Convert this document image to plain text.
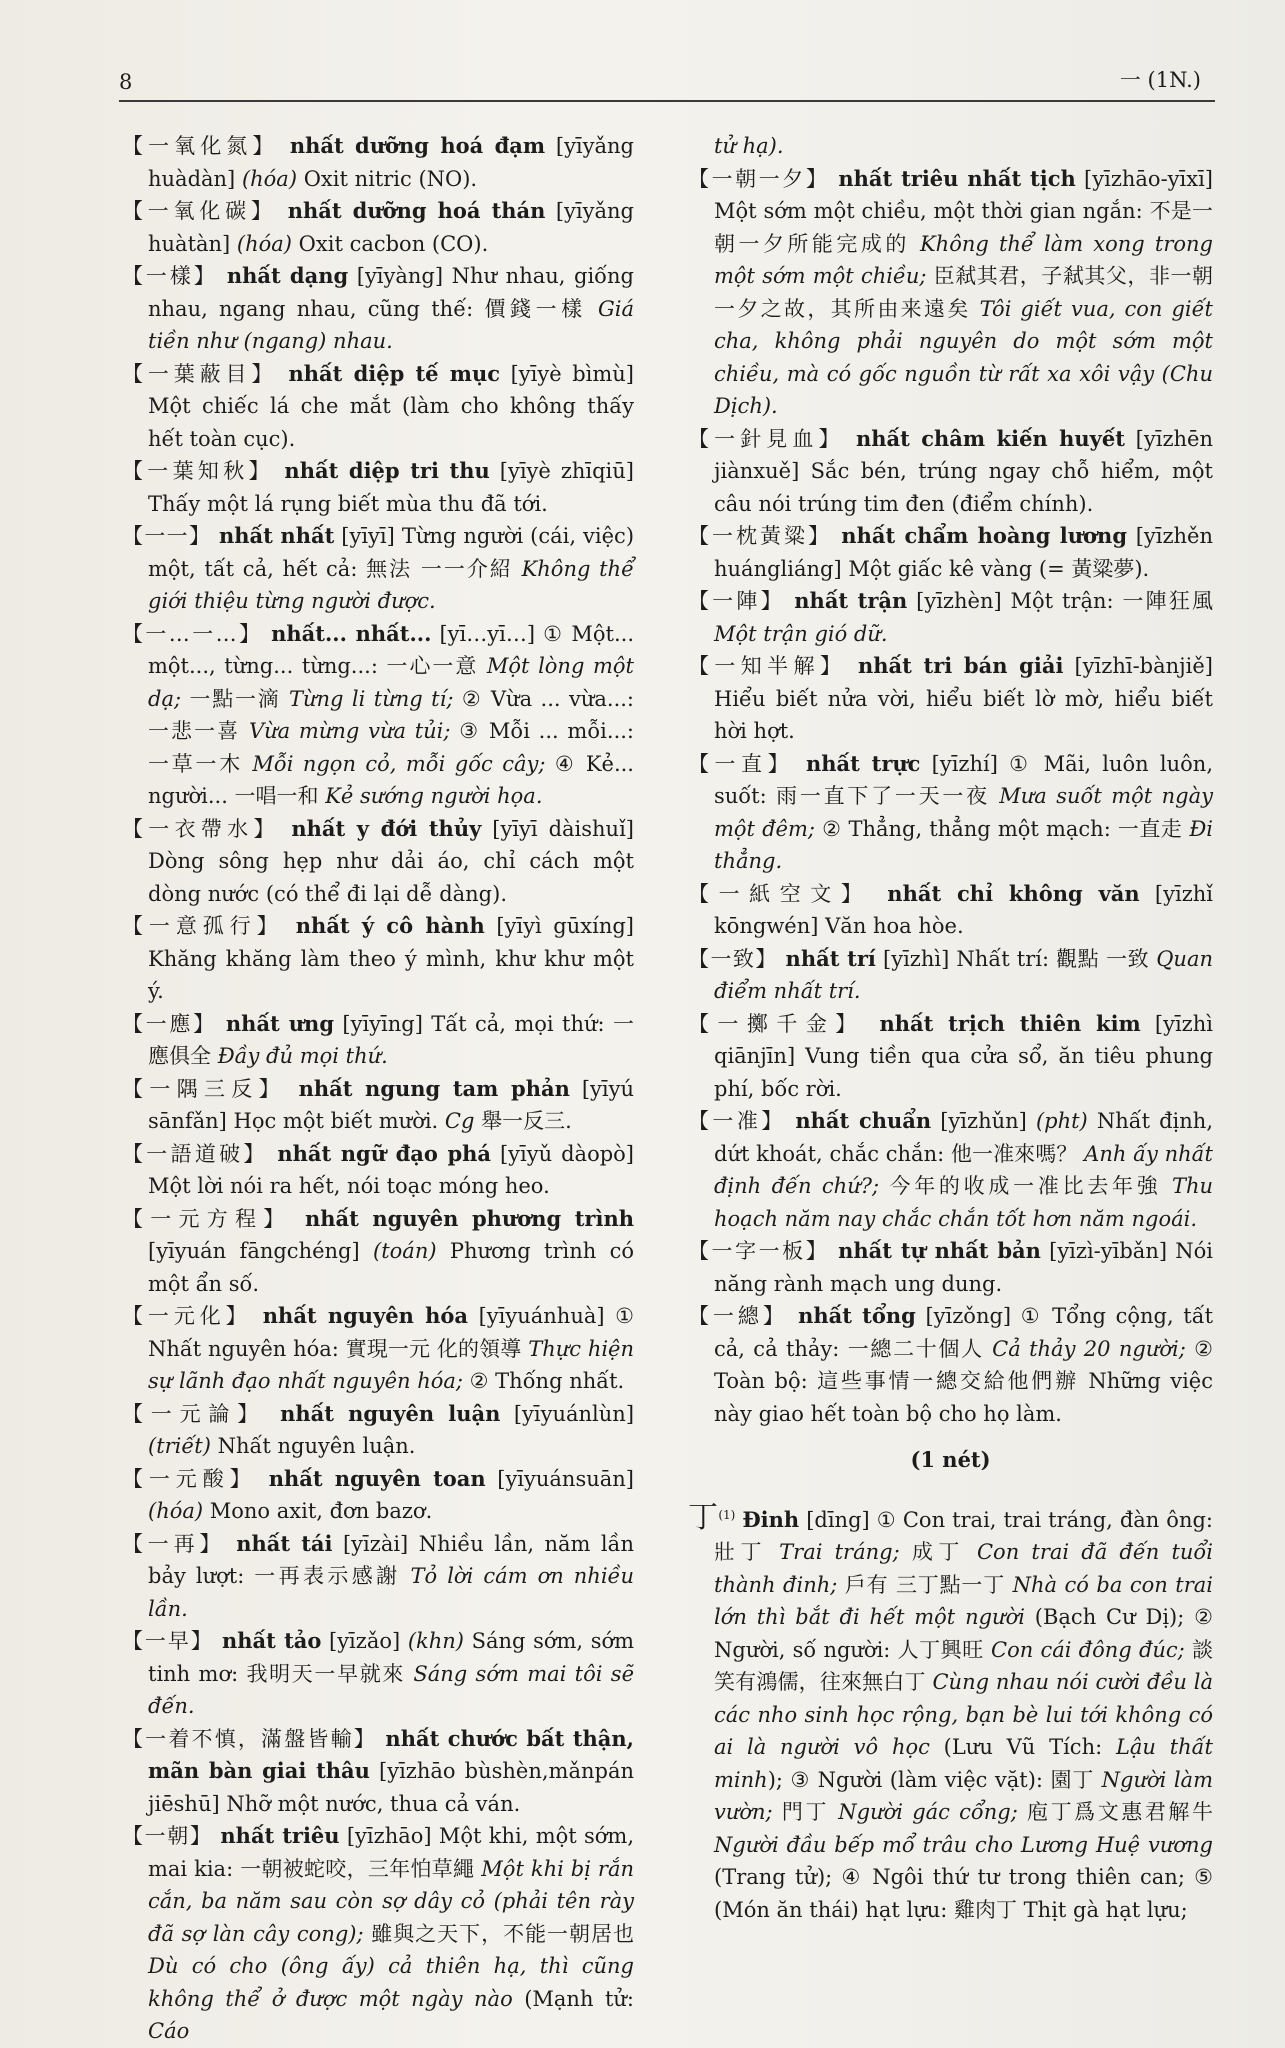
8	一 (1N.)

【一氧化氮】 nhất dưỡng hoá đạm [yīyǎng huàdàn] (hóa) Oxit nitric (NO).

【一氧化碳】 nhất dưỡng hoá thán [yīyǎng huàtàn] (hóa) Oxit cacbon (CO).

【一樣】 nhất dạng [yīyàng] Như nhau, giống nhau, ngang nhau, cũng thế: 價錢一樣 Giá tiền như (ngang) nhau.

【一葉蔽目】 nhất diệp tế mục [yīyè bìmù] Một chiếc lá che mắt (làm cho không thấy hết toàn cục).

【一葉知秋】 nhất diệp tri thu [yīyè zhīqiū] Thấy một lá rụng biết mùa thu đã tới.

【一一】 nhất nhất [yīyī] Từng người (cái, việc) một, tất cả, hết cả: 無法 一一介紹 Không thể giới thiệu từng người được.

【一…一…】 nhất... nhất... [yī…yī…] ① Một... một..., từng... từng...: 一心一意 Một lòng một dạ; 一點一滴 Từng li từng tí; ② Vừa ... vừa...: 一悲一喜 Vừa mừng vừa tủi; ③ Mỗi ... mỗi...: 一草一木 Mỗi ngọn cỏ, mỗi gốc cây; ④ Kẻ... người... 一唱一和 Kẻ sướng người họa.

【一衣帶水】 nhất y đới thủy [yīyī dàishuǐ] Dòng sông hẹp như dải áo, chỉ cách một dòng nước (có thể đi lại dễ dàng).

【一意孤行】 nhất ý cô hành [yīyì gūxíng] Khăng khăng làm theo ý mình, khư khư một ý.

【一應】 nhất ưng [yīyīng] Tất cả, mọi thứ: 一應俱全 Đầy đủ mọi thứ.

【一隅三反】 nhất ngung tam phản [yīyú sānfǎn] Học một biết mười. Cg 舉一反三.

【一語道破】 nhất ngữ đạo phá [yīyǔ dàopò] Một lời nói ra hết, nói toạc móng heo.

【一元方程】 nhất nguyên phương trình [yīyuán fāngchéng] (toán) Phương trình có một ẩn số.

【一元化】 nhất nguyên hóa [yīyuánhuà] ① Nhất nguyên hóa: 實現一元 化的領導 Thực hiện sự lãnh đạo nhất nguyên hóa; ② Thống nhất.

【一元論】 nhất nguyên luận [yīyuánlùn] (triết) Nhất nguyên luận.

【一元酸】 nhất nguyên toan [yīyuánsuān] (hóa) Mono axit, đơn bazơ.

【一再】 nhất tái [yīzài] Nhiều lần, năm lần bảy lượt: 一再表示感謝 Tỏ lời cám ơn nhiều lần.

【一早】 nhất tảo [yīzǎo] (khn) Sáng sớm, sớm tinh mơ: 我明天一早就來 Sáng sớm mai tôi sẽ đến.

【一着不慎，滿盤皆輸】 nhất chước bất thận, mãn bàn giai thâu [yīzhāo bùshèn,mǎnpán jiēshū] Nhỡ một nước, thua cả ván.

【一朝】 nhất triêu [yīzhāo] Một khi, một sớm, mai kia: 一朝被蛇咬，三年怕草繩 Một khi bị rắn cắn, ba năm sau còn sợ dây cỏ (phải tên rày đã sợ làn cây cong); 雖與之天下，不能一朝居也 Dù có cho (ông ấy) cả thiên hạ, thì cũng không thể ở được một ngày nào (Mạnh tử: Cáo

tử hạ).

【一朝一夕】 nhất triêu nhất tịch [yīzhāo-yīxī] Một sớm một chiều, một thời gian ngắn: 不是一朝一夕所能完成的 Không thể làm xong trong một sớm một chiều; 臣弒其君，子弒其父，非一朝一夕之故，其所由来遠矣 Tôi giết vua, con giết cha, không phải nguyên do một sớm một chiều, mà có gốc nguồn từ rất xa xôi vậy (Chu Dịch).

【一針見血】 nhất châm kiến huyết [yīzhēn jiànxuě] Sắc bén, trúng ngay chỗ hiểm, một câu nói trúng tim đen (điểm chính).

【一枕黃粱】 nhất chẩm hoàng lương [yīzhěn huángliáng] Một giấc kê vàng (= 黃粱夢).

【一陣】 nhất trận [yīzhèn] Một trận: 一陣狂風 Một trận gió dữ.

【一知半解】 nhất tri bán giải [yīzhī-bànjiě] Hiểu biết nửa vời, hiểu biết lờ mờ, hiểu biết hời hợt.

【一直】 nhất trực [yīzhí] ① Mãi, luôn luôn, suốt: 雨一直下了一天一夜 Mưa suốt một ngày một đêm; ② Thẳng, thẳng một mạch: 一直走 Đi thẳng.

【一紙空文】 nhất chỉ không văn [yīzhǐ kōngwén] Văn hoa hòe.

【一致】 nhất trí [yīzhì] Nhất trí: 觀點 一致 Quan điểm nhất trí.

【一擲千金】 nhất trịch thiên kim [yīzhì qiānjīn] Vung tiền qua cửa sổ, ăn tiêu phung phí, bốc rời.

【一准】 nhất chuẩn [yīzhǔn] (pht) Nhất định, dứt khoát, chắc chắn: 他一准來嗎？ Anh ấy nhất định đến chứ?; 今年的收成一准比去年強 Thu hoạch năm nay chắc chắn tốt hơn năm ngoái.

【一字一板】 nhất tự nhất bản [yīzì-yībǎn] Nói năng rành mạch ung dung.

【一總】 nhất tổng [yīzǒng] ① Tổng cộng, tất cả, cả thảy: 一總二十個人 Cả thảy 20 người; ② Toàn bộ: 這些事情一總交給他們辦 Những việc này giao hết toàn bộ cho họ làm.

(1 nét)
丁$^{(1)}$ Đinh [dīng] ① Con trai, trai tráng, đàn ông: 壯丁 Trai tráng; 成丁 Con trai đã đến tuổi thành đinh; 戶有 三丁點一丁 Nhà có ba con trai lớn thì bắt đi hết một người (Bạch Cư Dị); ② Người, số người: 人丁興旺 Con cái đông đúc; 談笑有鴻儒，往來無白丁 Cùng nhau nói cười đều là các nho sinh học rộng, bạn bè lui tới không có ai là người vô học (Lưu Vũ Tích: Lậu thất minh); ③ Người (làm việc vặt): 園丁 Người làm vườn; 門丁 Người gác cổng; 庖丁爲文惠君解牛 Người đầu bếp mổ trâu cho Lương Huệ vương (Trang tử); ④ Ngôi thứ tư trong thiên can; ⑤ (Món ăn thái) hạt lựu: 雞肉丁 Thịt gà hạt lựu;
